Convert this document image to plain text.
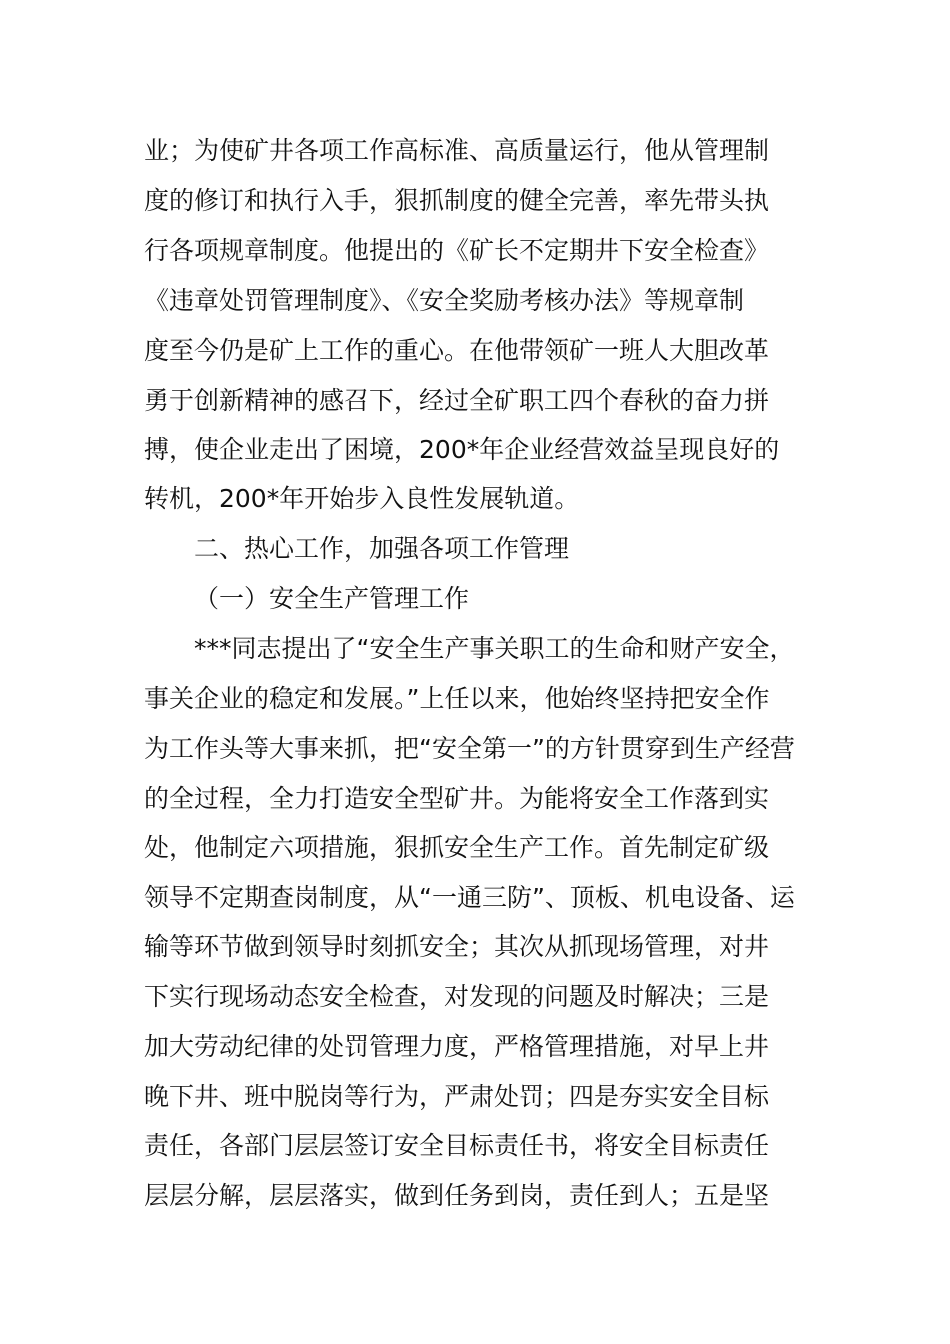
业；为使矿井各项工作高标准、高质量运行，他从管理制
度的修订和执行入手，狠抓制度的健全完善，率先带头执
行各项规章制度。他提出的《矿长不定期井下安全检查》
《违章处罚管理制度》、《安全奖励考核办法》等规章制
度至今仍是矿上工作的重心。在他带领矿一班人大胆改革
勇于创新精神的感召下，经过全矿职工四个春秋的奋力拼
搏，使企业走出了困境，200*年企业经营效益呈现良好的
转机，200*年开始步入良性发展轨道。
二、热心工作，加强各项工作管理
（一）安全生产管理工作
***同志提出了“安全生产事关职工的生命和财产安全，
事关企业的稳定和发展。”上任以来，他始终坚持把安全作
为工作头等大事来抓，把“安全第一”的方针贯穿到生产经营
的全过程，全力打造安全型矿井。为能将安全工作落到实
处，他制定六项措施，狠抓安全生产工作。首先制定矿级
领导不定期查岗制度，从“一通三防”、顶板、机电设备、运
输等环节做到领导时刻抓安全；其次从抓现场管理，对井
下实行现场动态安全检查，对发现的问题及时解决；三是
加大劳动纪律的处罚管理力度，严格管理措施，对早上井
晚下井、班中脱岗等行为，严肃处罚；四是夯实安全目标
责任，各部门层层签订安全目标责任书，将安全目标责任
层层分解，层层落实，做到任务到岗，责任到人；五是坚
